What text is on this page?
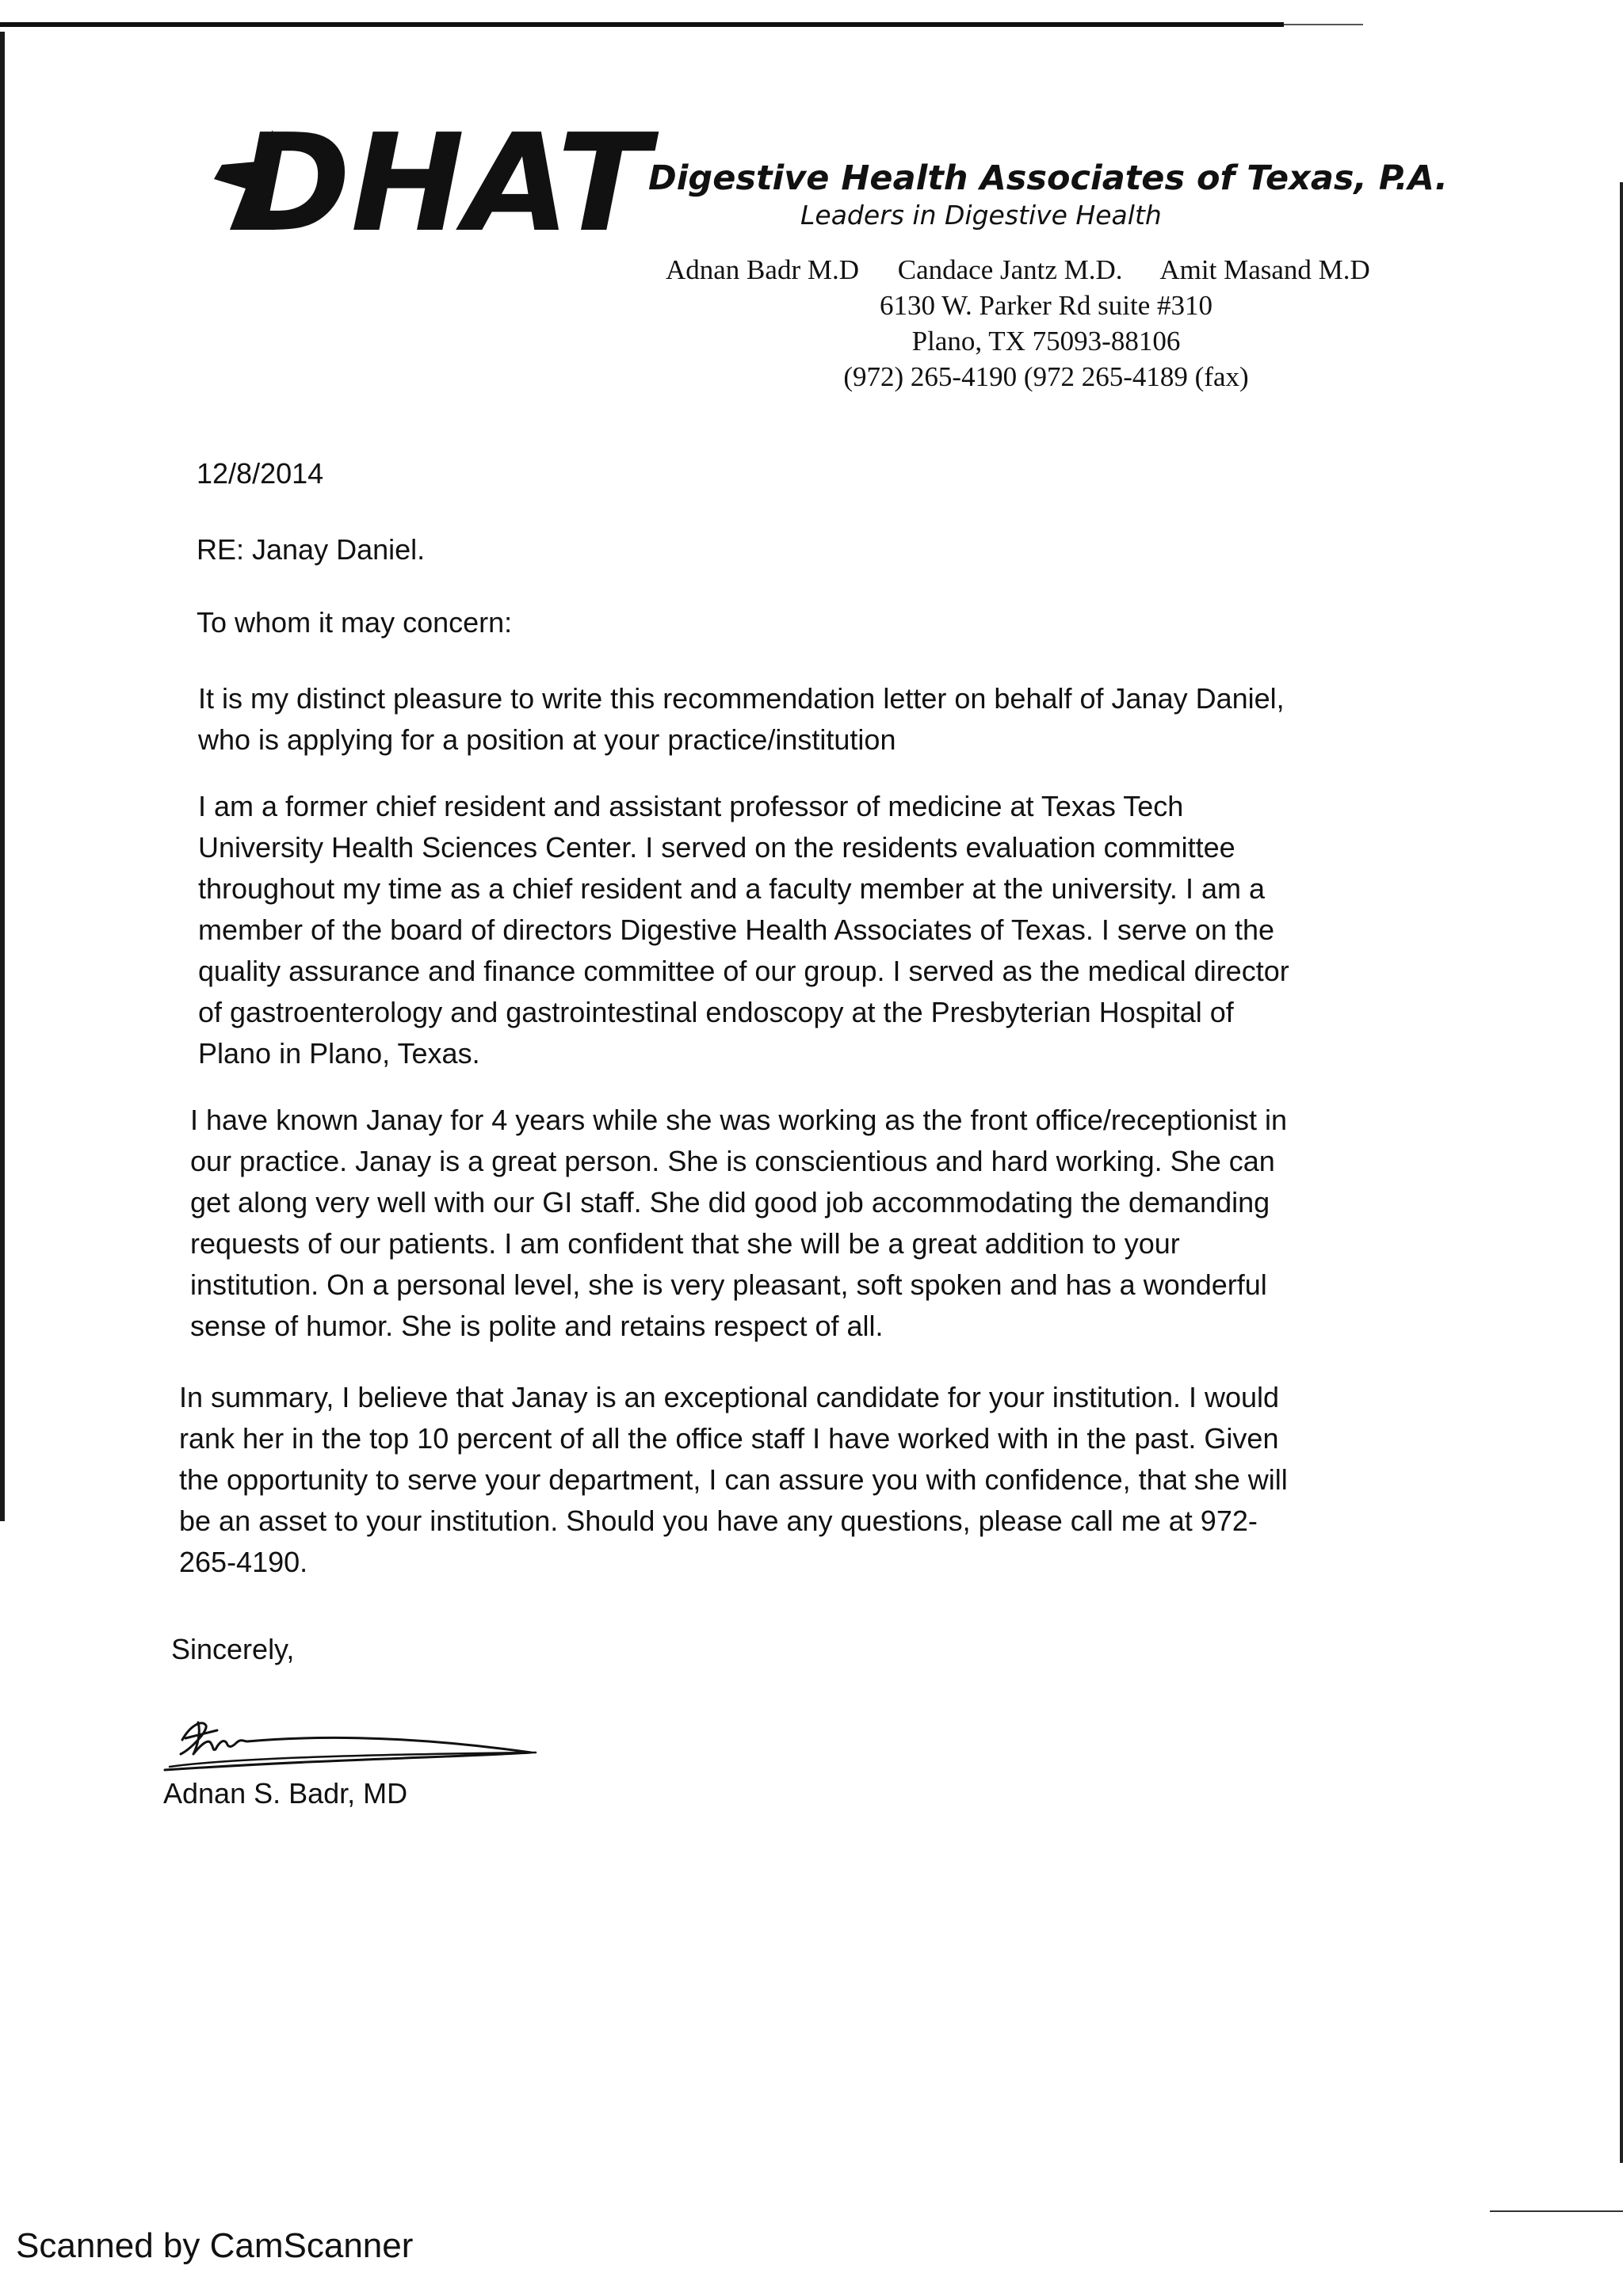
DHAT
Digestive Health Associates of Texas, P.A.
Leaders in Digestive Health
Adnan Badr M.D Candace Jantz M.D. Amit Masand M.D
6130 W. Parker Rd suite #310
Plano, TX 75093-88106
(972) 265-4190 (972 265-4189 (fax)
12/8/2014
RE: Janay Daniel.
To whom it may concern:
It is my distinct pleasure to write this recommendation letter on behalf of Janay Daniel,
who is applying for a position at your practice/institution
I am a former chief resident and assistant professor of medicine at Texas Tech
University Health Sciences Center. I served on the residents evaluation committee
throughout my time as a chief resident and a faculty member at the university. I am a
member of the board of directors Digestive Health Associates of Texas. I serve on the
quality assurance and finance committee of our group. I served as the medical director
of gastroenterology and gastrointestinal endoscopy at the Presbyterian Hospital of
Plano in Plano, Texas.
I have known Janay for 4 years while she was working as the front office/receptionist in
our practice. Janay is a great person. She is conscientious and hard working. She can
get along very well with our GI staff. She did good job accommodating the demanding
requests of our patients. I am confident that she will be a great addition to your
institution. On a personal level, she is very pleasant, soft spoken and has a wonderful
sense of humor. She is polite and retains respect of all.
In summary, I believe that Janay is an exceptional candidate for your institution. I would
rank her in the top 10 percent of all the office staff I have worked with in the past. Given
the opportunity to serve your department, I can assure you with confidence, that she will
be an asset to your institution. Should you have any questions, please call me at 972-
265-4190.
Sincerely,
Adnan S. Badr, MD
Scanned by CamScanner
